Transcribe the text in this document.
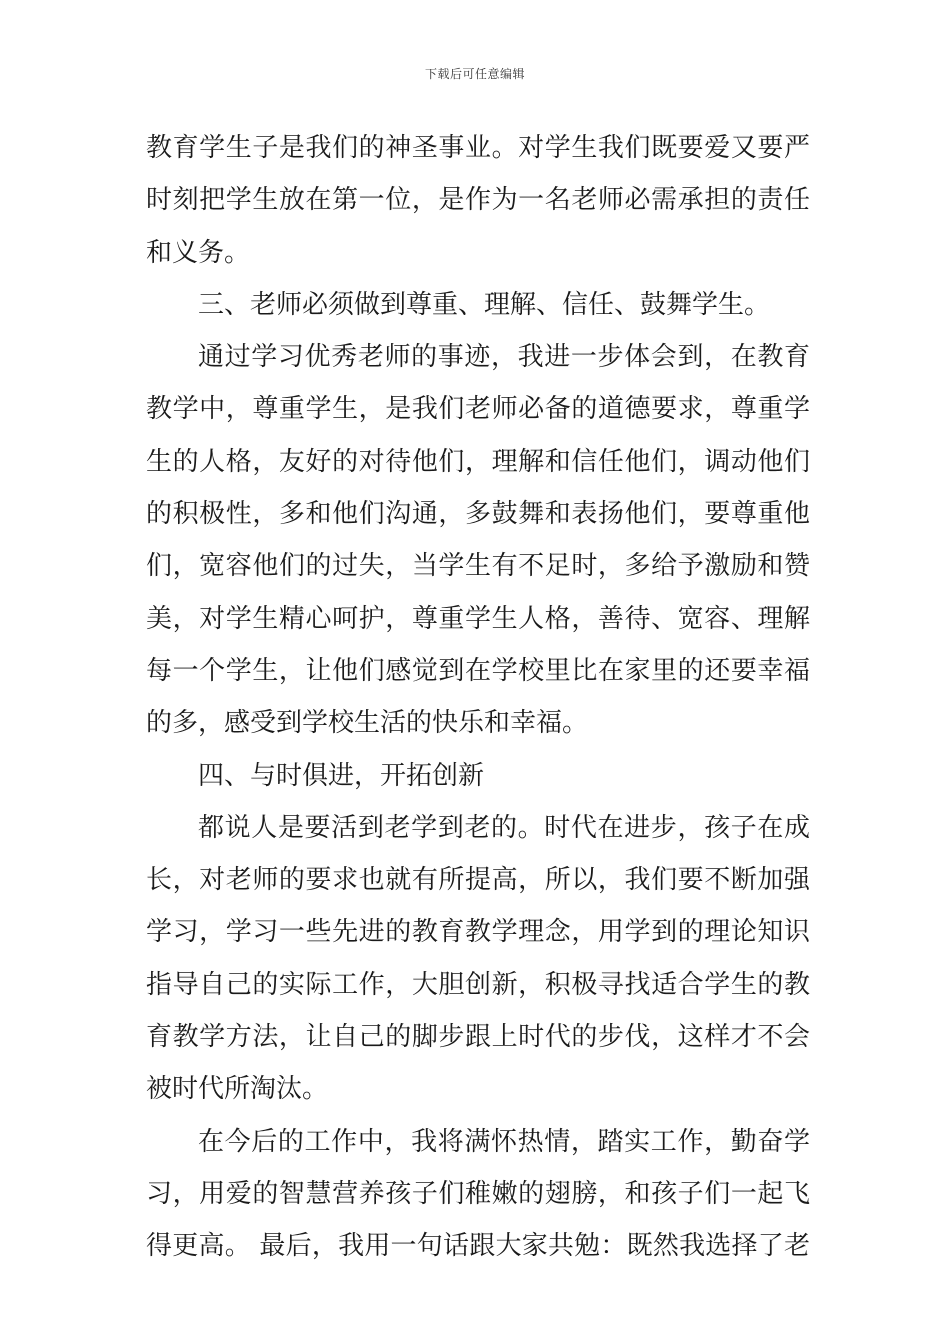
下载后可任意编辑
教育学生子是我们的神圣事业。对学生我们既要爱又要严
时刻把学生放在第一位，是作为一名老师必需承担的责任
和义务。
三、老师必须做到尊重、理解、信任、鼓舞学生。
通过学习优秀老师的事迹，我进一步体会到，在教育
教学中，尊重学生，是我们老师必备的道德要求，尊重学
生的人格，友好的对待他们，理解和信任他们，调动他们
的积极性，多和他们沟通，多鼓舞和表扬他们，要尊重他
们，宽容他们的过失，当学生有不足时，多给予激励和赞
美，对学生精心呵护，尊重学生人格，善待、宽容、理解
每一个学生，让他们感觉到在学校里比在家里的还要幸福
的多，感受到学校生活的快乐和幸福。
四、与时俱进，开拓创新
都说人是要活到老学到老的。时代在进步，孩子在成
长，对老师的要求也就有所提高，所以，我们要不断加强
学习，学习一些先进的教育教学理念，用学到的理论知识
指导自己的实际工作，大胆创新，积极寻找适合学生的教
育教学方法，让自己的脚步跟上时代的步伐，这样才不会
被时代所淘汰。
在今后的工作中，我将满怀热情，踏实工作，勤奋学
习，用爱的智慧营养孩子们稚嫩的翅膀，和孩子们一起飞
得更高。 最后，我用一句话跟大家共勉：既然我选择了老
